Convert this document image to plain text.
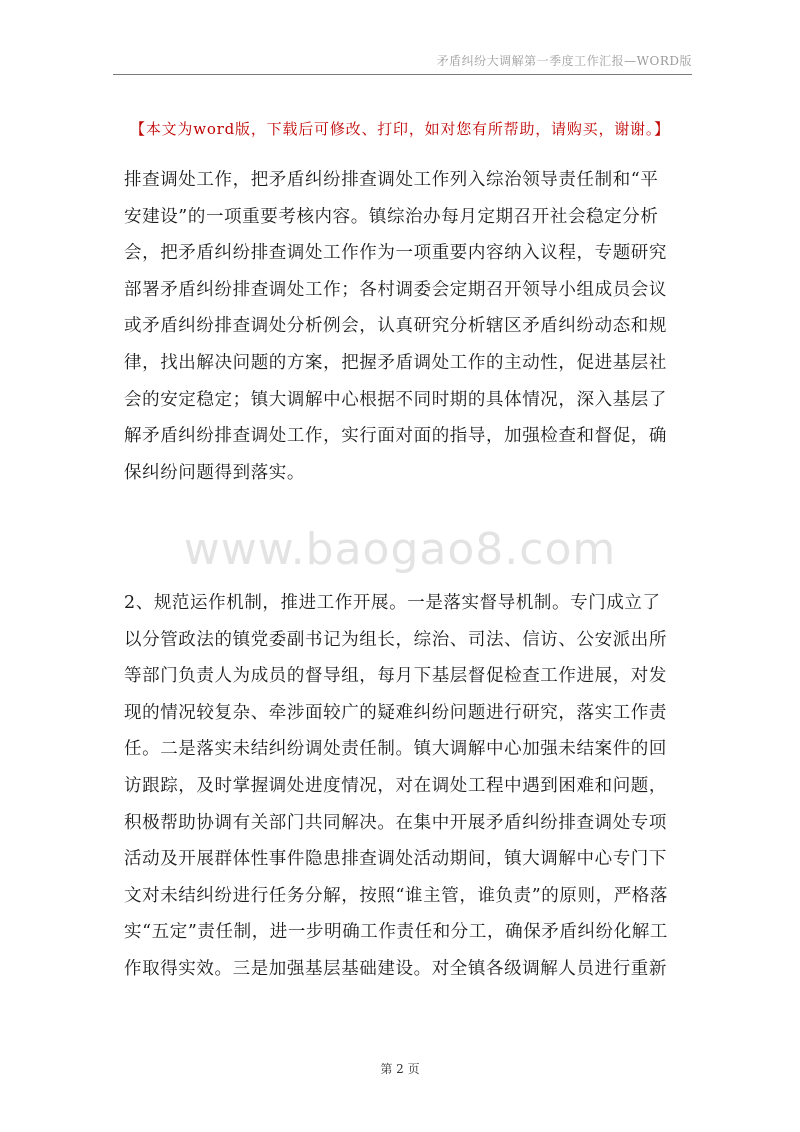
矛盾纠纷大调解第一季度工作汇报—WORD版
【本文为word版，下载后可修改、打印，如对您有所帮助，请购买，谢谢。】
排查调处工作，把矛盾纠纷排查调处工作列入综治领导责任制和“平
安建设”的一项重要考核内容。镇综治办每月定期召开社会稳定分析
会，把矛盾纠纷排查调处工作作为一项重要内容纳入议程，专题研究
部署矛盾纠纷排查调处工作；各村调委会定期召开领导小组成员会议
或矛盾纠纷排查调处分析例会，认真研究分析辖区矛盾纠纷动态和规
律，找出解决问题的方案，把握矛盾调处工作的主动性，促进基层社
会的安定稳定；镇大调解中心根据不同时期的具体情况，深入基层了
解矛盾纠纷排查调处工作，实行面对面的指导，加强检查和督促，确
保纠纷问题得到落实。
www.baogao8.com
2、规范运作机制，推进工作开展。一是落实督导机制。专门成立了
以分管政法的镇党委副书记为组长，综治、司法、信访、公安派出所
等部门负责人为成员的督导组，每月下基层督促检查工作进展，对发
现的情况较复杂、牵涉面较广的疑难纠纷问题进行研究，落实工作责
任。二是落实未结纠纷调处责任制。镇大调解中心加强未结案件的回
访跟踪，及时掌握调处进度情况，对在调处工程中遇到困难和问题，
积极帮助协调有关部门共同解决。在集中开展矛盾纠纷排查调处专项
活动及开展群体性事件隐患排查调处活动期间，镇大调解中心专门下
文对未结纠纷进行任务分解，按照“谁主管，谁负责”的原则，严格落
实“五定”责任制，进一步明确工作责任和分工，确保矛盾纠纷化解工
作取得实效。三是加强基层基础建设。对全镇各级调解人员进行重新
第 2 页
